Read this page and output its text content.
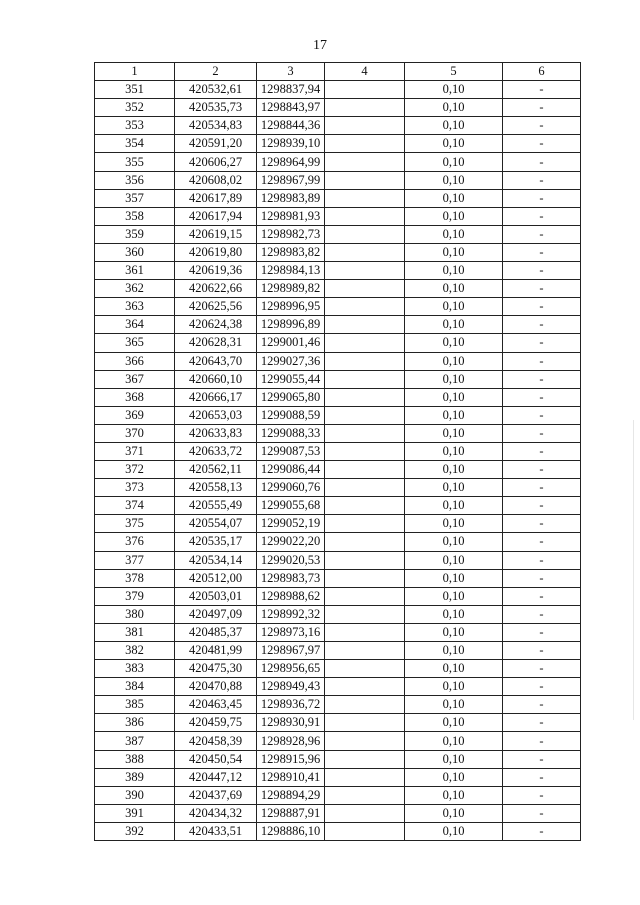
17
1	2	3	4	5	6
351	420532,61	1298837,94		0,10	-
352	420535,73	1298843,97		0,10	-
353	420534,83	1298844,36		0,10	-
354	420591,20	1298939,10		0,10	-
355	420606,27	1298964,99		0,10	-
356	420608,02	1298967,99		0,10	-
357	420617,89	1298983,89		0,10	-
358	420617,94	1298981,93		0,10	-
359	420619,15	1298982,73		0,10	-
360	420619,80	1298983,82		0,10	-
361	420619,36	1298984,13		0,10	-
362	420622,66	1298989,82		0,10	-
363	420625,56	1298996,95		0,10	-
364	420624,38	1298996,89		0,10	-
365	420628,31	1299001,46		0,10	-
366	420643,70	1299027,36		0,10	-
367	420660,10	1299055,44		0,10	-
368	420666,17	1299065,80		0,10	-
369	420653,03	1299088,59		0,10	-
370	420633,83	1299088,33		0,10	-
371	420633,72	1299087,53		0,10	-
372	420562,11	1299086,44		0,10	-
373	420558,13	1299060,76		0,10	-
374	420555,49	1299055,68		0,10	-
375	420554,07	1299052,19		0,10	-
376	420535,17	1299022,20		0,10	-
377	420534,14	1299020,53		0,10	-
378	420512,00	1298983,73		0,10	-
379	420503,01	1298988,62		0,10	-
380	420497,09	1298992,32		0,10	-
381	420485,37	1298973,16		0,10	-
382	420481,99	1298967,97		0,10	-
383	420475,30	1298956,65		0,10	-
384	420470,88	1298949,43		0,10	-
385	420463,45	1298936,72		0,10	-
386	420459,75	1298930,91		0,10	-
387	420458,39	1298928,96		0,10	-
388	420450,54	1298915,96		0,10	-
389	420447,12	1298910,41		0,10	-
390	420437,69	1298894,29		0,10	-
391	420434,32	1298887,91		0,10	-
392	420433,51	1298886,10		0,10	-
